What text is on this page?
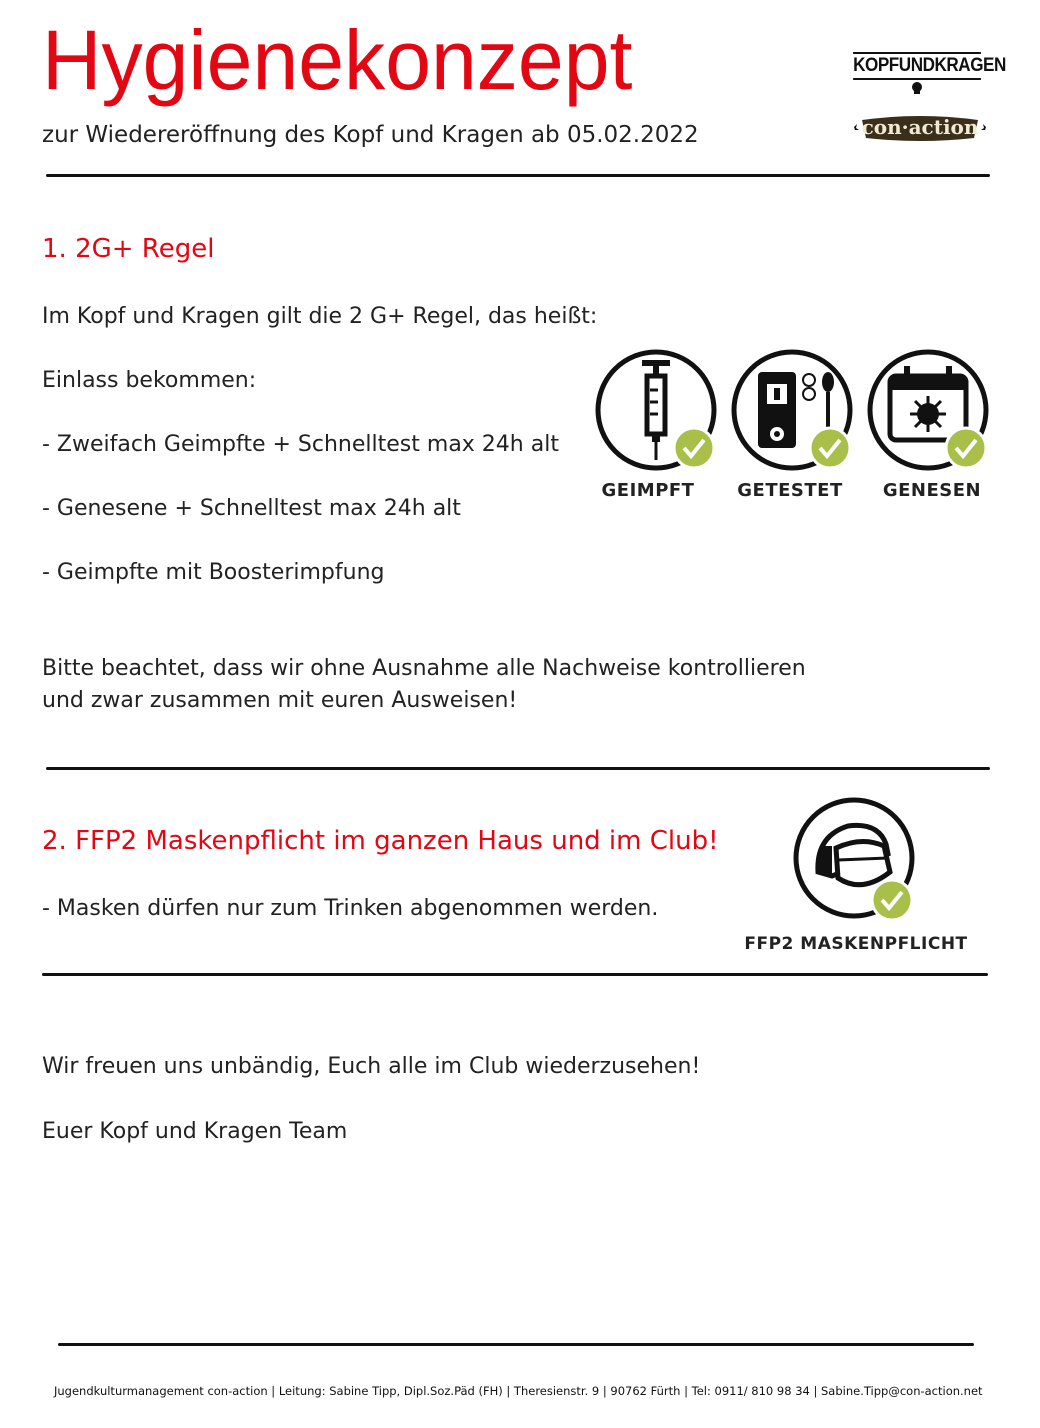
Hygienekonzept
zur Wiedereröffnung des Kopf und Kragen ab 05.02.2022
KOPFUNDKRAGEN
con·action
1. 2G+ Regel
Im Kopf und Kragen gilt die 2 G+ Regel, das heißt:
Einlass bekommen:
- Zweifach Geimpfte + Schnelltest max 24h alt
- Genesene + Schnelltest max 24h alt
- Geimpfte mit Boosterimpfung
Bitte beachtet, dass wir ohne Ausnahme alle Nachweise kontrollieren
und zwar zusammen mit euren Ausweisen!
GEIMPFT	GETESTET	GENESEN
2. FFP2 Maskenpflicht im ganzen Haus und im Club!
- Masken dürfen nur zum Trinken abgenommen werden.
FFP2 MASKENPFLICHT
Wir freuen uns unbändig, Euch alle im Club wiederzusehen!
Euer Kopf und Kragen Team
Jugendkulturmanagement con-action | Leitung: Sabine Tipp, Dipl.Soz.Päd (FH) | Theresienstr. 9 | 90762 Fürth | Tel: 0911/ 810 98 34 | Sabine.Tipp@con-action.net
